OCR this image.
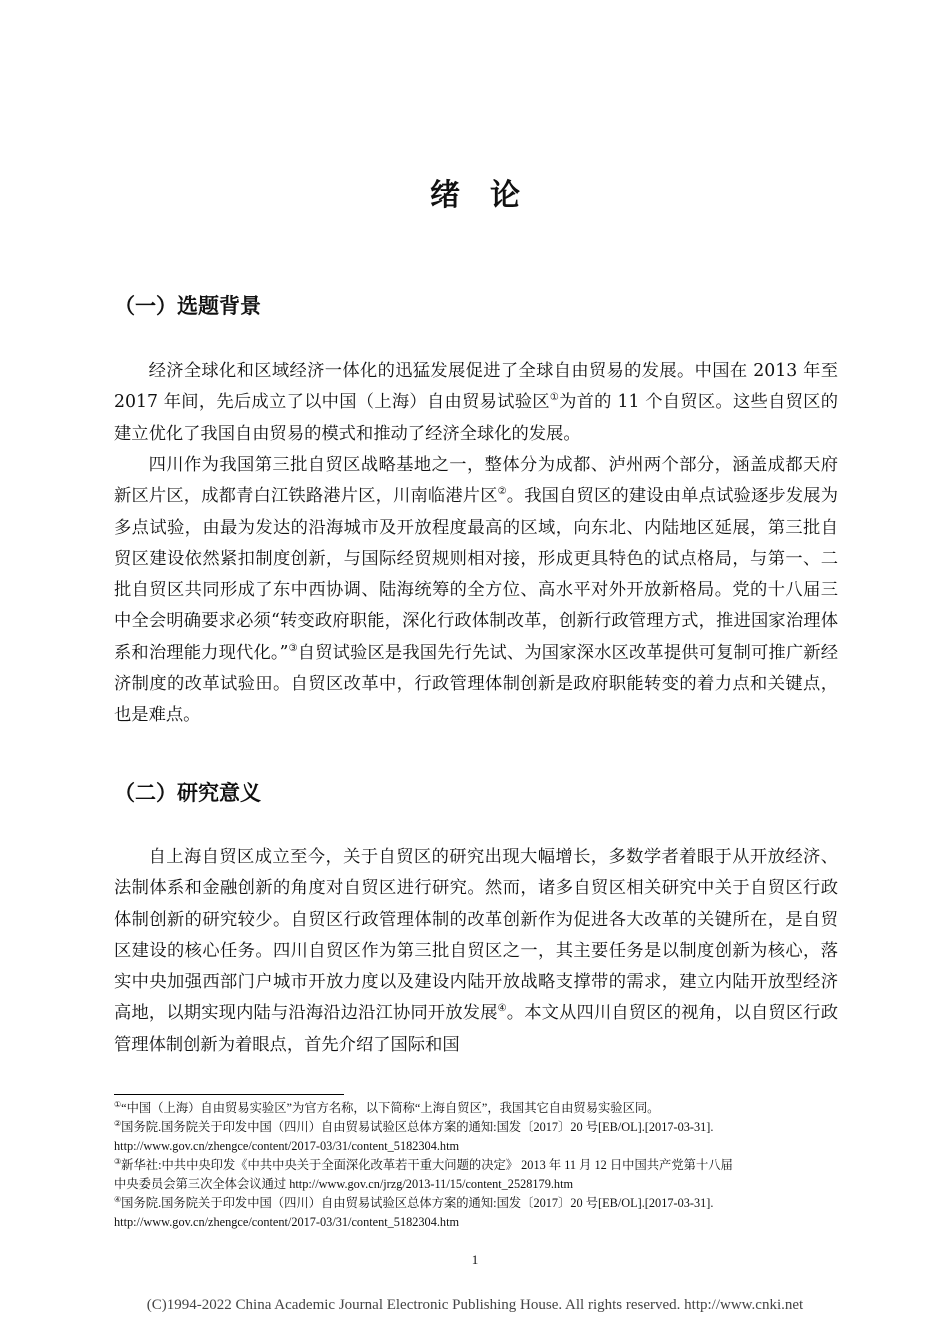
绪论
（一）选题背景

经济全球化和区域经济一体化的迅猛发展促进了全球自由贸易的发展。中国在 2013 年至 2017 年间，先后成立了以中国（上海）自由贸易试验区①为首的 11 个自贸区。这些自贸区的建立优化了我国自由贸易的模式和推动了经济全球化的发展。

四川作为我国第三批自贸区战略基地之一，整体分为成都、泸州两个部分，涵盖成都天府新区片区，成都青白江铁路港片区，川南临港片区②。我国自贸区的建设由单点试验逐步发展为多点试验，由最为发达的沿海城市及开放程度最高的区域，向东北、内陆地区延展，第三批自贸区建设依然紧扣制度创新，与国际经贸规则相对接，形成更具特色的试点格局，与第一、二批自贸区共同形成了东中西协调、陆海统筹的全方位、高水平对外开放新格局。党的十八届三中全会明确要求必须“转变政府职能，深化行政体制改革，创新行政管理方式，推进国家治理体系和治理能力现代化。”③自贸试验区是我国先行先试、为国家深水区改革提供可复制可推广新经济制度的改革试验田。自贸区改革中，行政管理体制创新是政府职能转变的着力点和关键点，也是难点。

（二）研究意义

自上海自贸区成立至今，关于自贸区的研究出现大幅增长，多数学者着眼于从开放经济、法制体系和金融创新的角度对自贸区进行研究。然而，诸多自贸区相关研究中关于自贸区行政体制创新的研究较少。自贸区行政管理体制的改革创新作为促进各大改革的关键所在，是自贸区建设的核心任务。四川自贸区作为第三批自贸区之一，其主要任务是以制度创新为核心，落实中央加强西部门户城市开放力度以及建设内陆开放战略支撑带的需求，建立内陆开放型经济高地，以期实现内陆与沿海沿边沿江协同开放发展④。本文从四川自贸区的视角，以自贸区行政管理体制创新为着眼点，首先介绍了国际和国

①“中国（上海）自由贸易实验区”为官方名称，以下简称“上海自贸区”，我国其它自由贸易实验区同。

②国务院.国务院关于印发中国（四川）自由贸易试验区总体方案的通知:国发〔2017〕20 号[EB/OL].[2017-03-31].
http://www.gov.cn/zhengce/content/2017-03/31/content_5182304.htm

③新华社:中共中央印发《中共中央关于全面深化改革若干重大问题的决定》 2013 年 11 月 12 日中国共产党第十八届
中央委员会第三次全体会议通过 http://www.gov.cn/jrzg/2013-11/15/content_2528179.htm

④国务院.国务院关于印发中国（四川）自由贸易试验区总体方案的通知:国发〔2017〕20 号[EB/OL].[2017-03-31].
http://www.gov.cn/zhengce/content/2017-03/31/content_5182304.htm

1
(C)1994-2022 China Academic Journal Electronic Publishing House. All rights reserved. http://www.cnki.net
